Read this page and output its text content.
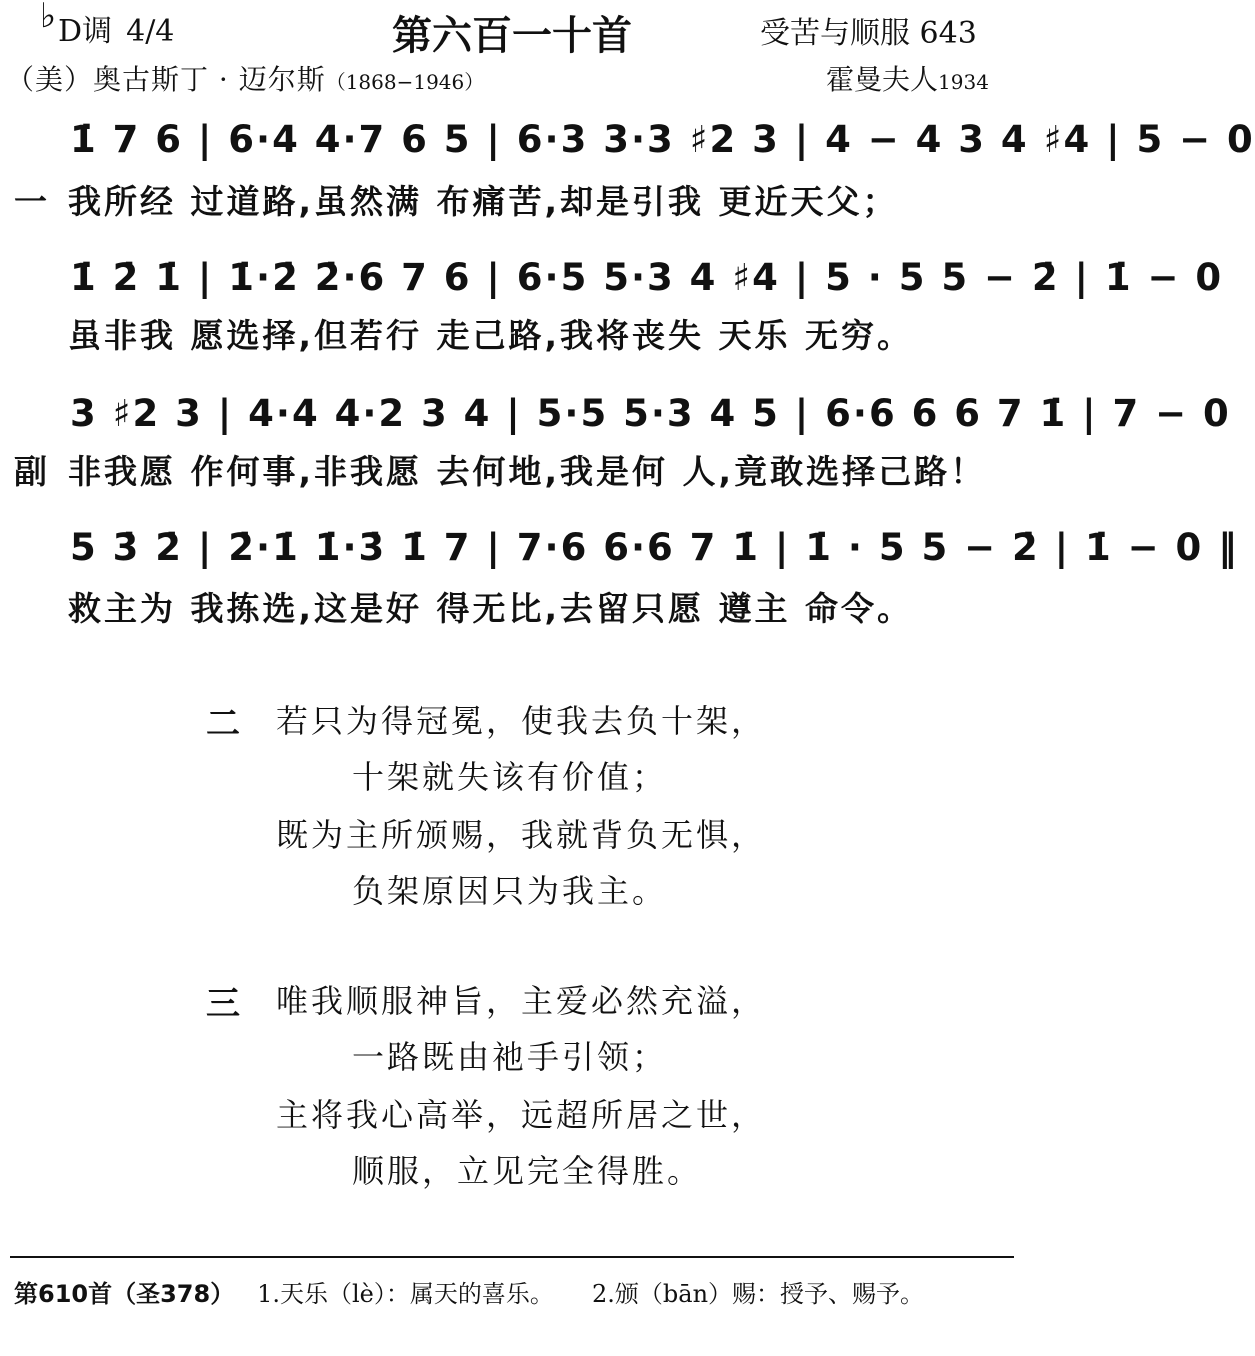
♭D调 4/4	第六百一十首	受苦与顺服 643
（美）奥古斯丁 · 迈尔斯（1868−1946）	霍曼夫人1934
1̇ 7 6 | 6·4 4·7 6 5 | 6·3 3·3 ♯2 3 | 4 − 4 3 4 ♯4 | 5 − 0
一 我所经 过道路,虽然满 布痛苦,却是引我 更近天父；
1̇ 2̇ 1̇ | 1̇·2̇ 2̇·6 7 6 | 6·5 5·3 4 ♯4 | 5 · 5 5 − 2̇ | 1̇ − 0
虽非我 愿选择,但若行 走己路,我将丧失 天乐 无穷。
3 ♯2 3 | 4·4 4·2 3 4 | 5·5 5·3 4 5 | 6·6 6 6 7 1̇ | 7 − 0
副 非我愿 作何事,非我愿 去何地,我是何 人,竟敢选择己路！
5 3̇ 2̇ | 2̇·1̇ 1̇·3̇ 1̇ 7 | 7·6 6·6 7 1̇ | 1̇ · 5 5 − 2̇ | 1̇ − 0 ‖
救主为 我拣选,这是好 得无比,去留只愿 遵主 命令。
二 若只为得冠冕，使我去负十架，
十架就失该有价值；
既为主所颁赐，我就背负无惧，
负架原因只为我主。
三 唯我顺服神旨，主爱必然充溢，
一路既由祂手引领；
主将我心高举，远超所居之世，
顺服，立见完全得胜。
第610首（圣378） 1.天乐（lè）：属天的喜乐。 2.颁（bān）赐：授予、赐予。
